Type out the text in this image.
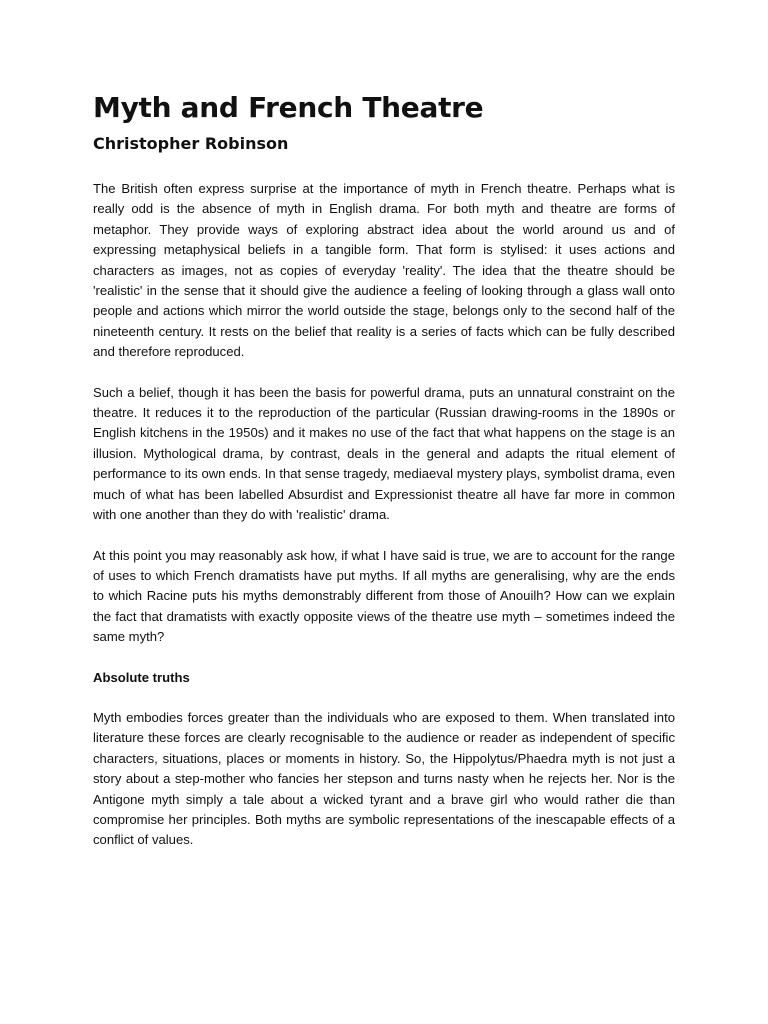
Myth and French Theatre
Christopher Robinson

The British often express surprise at the importance of myth in French theatre. Perhaps what is really odd is the absence of myth in English drama. For both myth and theatre are forms of metaphor. They provide ways of exploring abstract idea about the world around us and of expressing metaphysical beliefs in a tangible form. That form is stylised: it uses actions and characters as images, not as copies of everyday 'reality'. The idea that the theatre should be 'realistic' in the sense that it should give the audience a feeling of looking through a glass wall onto people and actions which mirror the world outside the stage, belongs only to the second half of the nineteenth century. It rests on the belief that reality is a series of facts which can be fully described and therefore reproduced.

Such a belief, though it has been the basis for powerful drama, puts an unnatural constraint on the theatre. It reduces it to the reproduction of the particular (Russian drawing-rooms in the 1890s or English kitchens in the 1950s) and it makes no use of the fact that what happens on the stage is an illusion. Mythological drama, by contrast, deals in the general and adapts the ritual element of performance to its own ends. In that sense tragedy, mediaeval mystery plays, symbolist drama, even much of what has been labelled Absurdist and Expressionist theatre all have far more in common with one another than they do with 'realistic' drama.

At this point you may reasonably ask how, if what I have said is true, we are to account for the range of uses to which French dramatists have put myths. If all myths are generalising, why are the ends to which Racine puts his myths demonstrably different from those of Anouilh? How can we explain the fact that dramatists with exactly opposite views of the theatre use myth – sometimes indeed the same myth?

Absolute truths

Myth embodies forces greater than the individuals who are exposed to them. When translated into literature these forces are clearly recognisable to the audience or reader as independent of specific characters, situations, places or moments in history. So, the Hippolytus/Phaedra myth is not just a story about a step-mother who fancies her stepson and turns nasty when he rejects her. Nor is the Antigone myth simply a tale about a wicked tyrant and a brave girl who would rather die than compromise her principles. Both myths are symbolic representations of the inescapable effects of a conflict of values.
